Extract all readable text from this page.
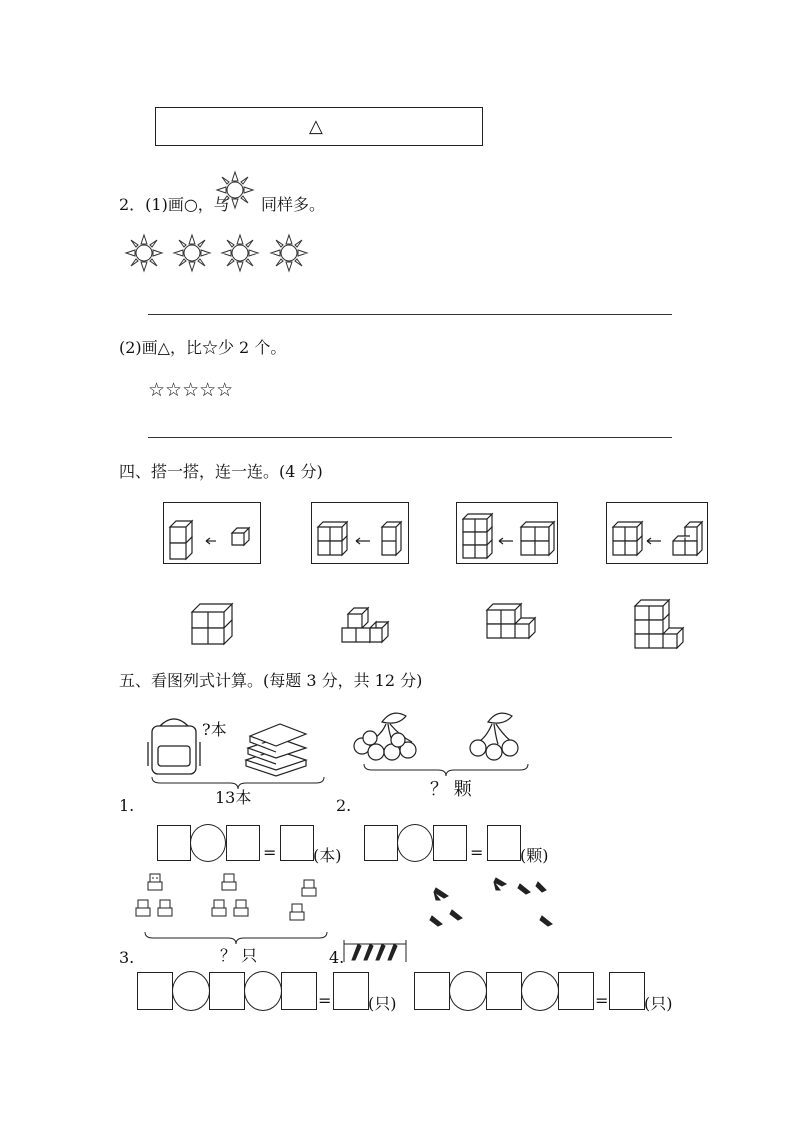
△
2．(1)画○，与 同样多。
(2)画△，比☆少 2 个。
☆☆☆☆☆
四、搭一搭，连一连。(4 分)
五、看图列式计算。(每题 3 分，共 12 分)
?本
13本
1.
？ 颗
2.
= (本)	= (颗)
？ 只
3.	4.
= (只)	= (只)
